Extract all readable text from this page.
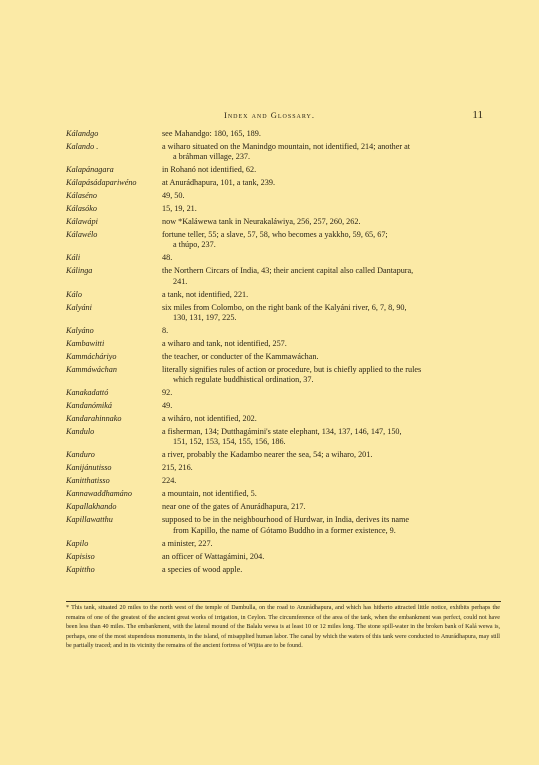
Index and Glossary.	11
Kálandgo	see Mahandgo: 180, 165, 189.
Kalando .	a wiharo situated on the Manindgo mountain, not identified, 214; another at
a bráhman village, 237.
Kalapánagara	in Rohanó not identified, 62.
Kálapásádapariwéno	at Anurádhapura, 101, a tank, 239.
Kálaséno	49, 50.
Kálasóko	15, 19, 21.
Kálawápi	now *Kaláwewa tank in Neurakaláwiya, 256, 257, 260, 262.
Kálawélo	fortune teller, 55; a slave, 57, 58, who becomes a yakkho, 59, 65, 67;
a thúpo, 237.
Káli	48.
Kálinga	the Northern Circars of India, 43; their ancient capital also called Dantapura,
241.
Kálo	a tank, not identified, 221.
Kalyáni	six miles from Colombo, on the right bank of the Kalyáni river, 6, 7, 8, 90,
130, 131, 197, 225.
Kalyáno	8.
Kambawitti	a wiharo and tank, not identified, 257.
Kammácháriyo	the teacher, or conducter of the Kammawáchan.
Kammáwáchan	literally signifies rules of action or procedure, but is chiefly applied to the rules
which regulate buddhistical ordination, 37.
Kanakadattó	92.
Kandanómiká	49.
Kandarahinnako	a wiháro, not identified, 202.
Kandulo	a fisherman, 134; Dutthagámini's state elephant, 134, 137, 146, 147, 150,
151, 152, 153, 154, 155, 156, 186.
Kanduro	a river, probably the Kadambo nearer the sea, 54; a wiharo, 201.
Kanijánutisso	215, 216.
Kanitthatisso	224.
Kannawaddhamáno	a mountain, not identified, 5.
Kapallakhando	near one of the gates of Anurádhapura, 217.
Kapillawatthu	supposed to be in the neighbourhood of Hurdwar, in India, derives its name
from Kapillo, the name of Gótamo Buddho in a former existence, 9.
Kapilo	a minister, 227.
Kapisiso	an officer of Wattagámini, 204.
Kapittho	a species of wood apple.
* This tank, situated 20 miles to the north west of the temple of Dambulla, on the road to Anurádhapura, and which has hitherto attracted little notice, exhibits perhaps the remains of one of the greatest of the ancient great works of irrigation, in Ceylon. The circumference of the area of the tank, when the embankment was perfect, could not have been less than 40 miles. The embankment, with the lateral mound of the Balalu wewa is at least 10 or 12 miles long. The stone spill-water in the broken bank of Kalá wewa is, perhaps, one of the most stupendous monuments, in the island, of misapplied human labor. The canal by which the waters of this tank were conducted to Anurádhapura, may still be partially traced; and in its vicinity the remains of the ancient fortress of Wijita are to be found.
